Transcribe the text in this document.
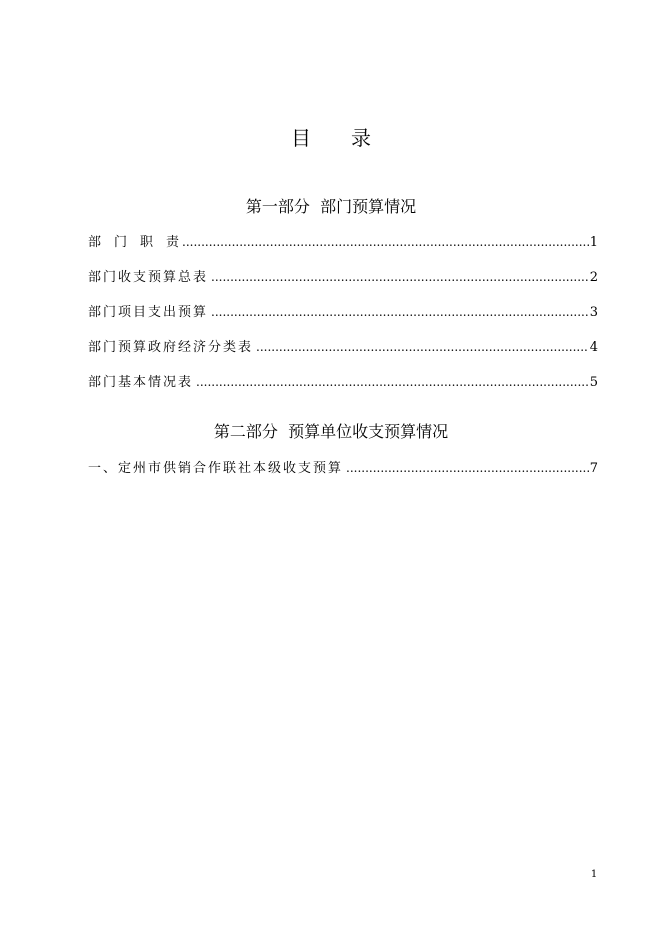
目　　录
第一部分  部门预算情况
部　门　职　责 .....	1
部门收支预算总表 .....	2
部门项目支出预算 .....	3
部门预算政府经济分类表 .....	4
部门基本情况表 .....	5
第二部分  预算单位收支预算情况
一、定州市供销合作联社本级收支预算 .....	7
1
